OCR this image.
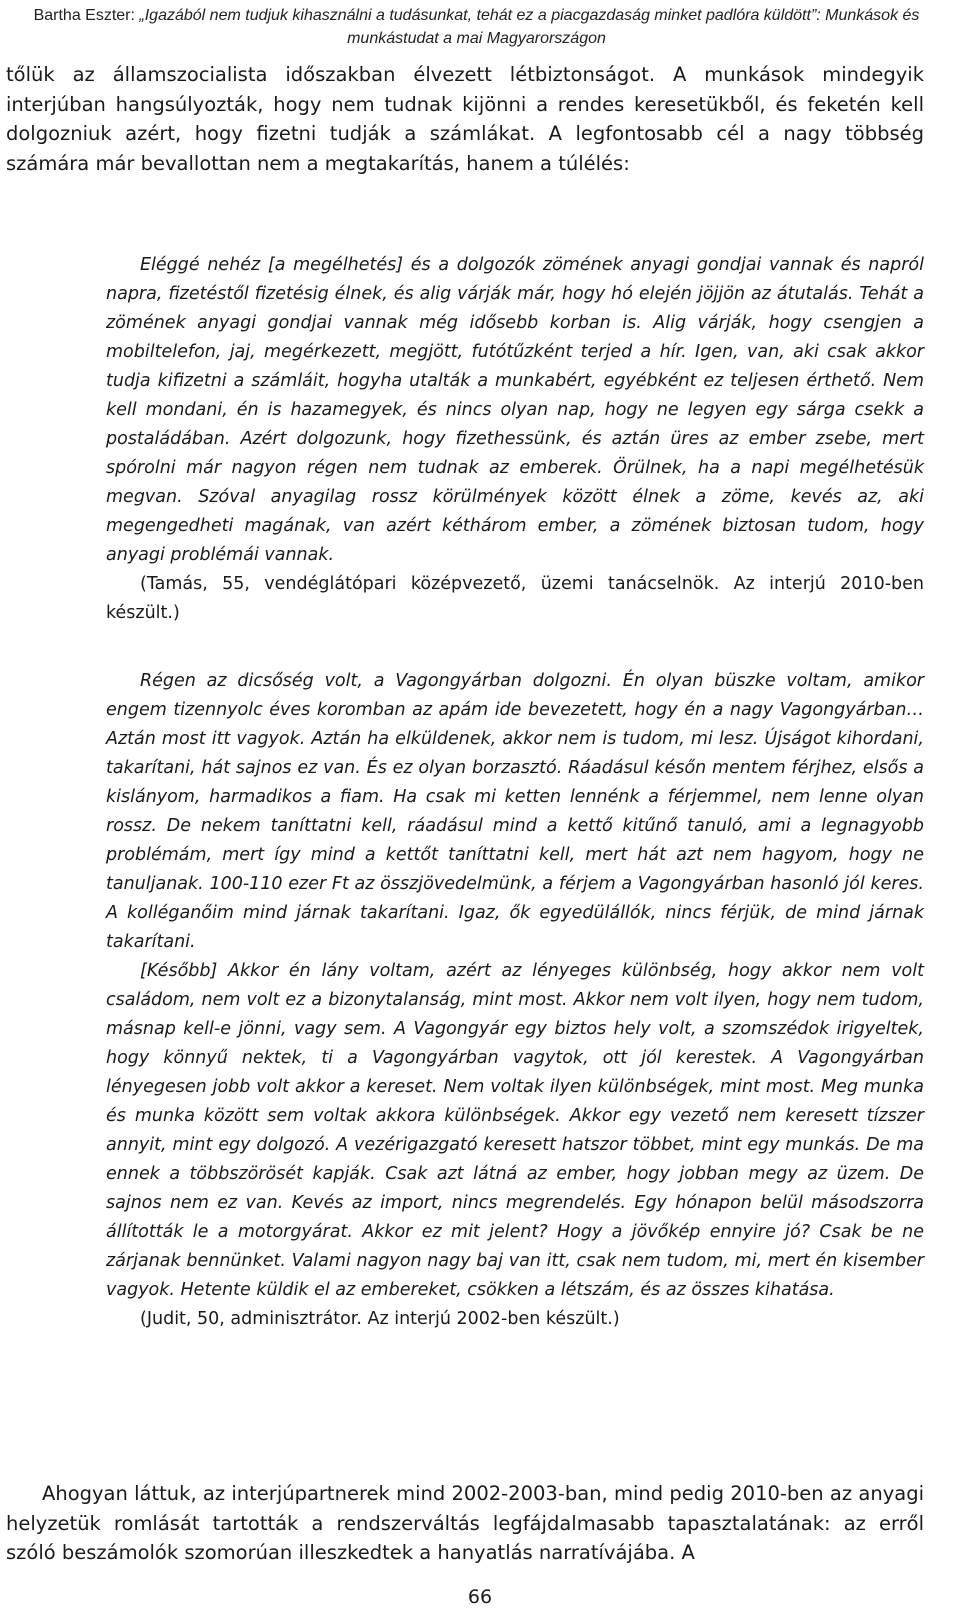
Bartha Eszter: „Igazából nem tudjuk kihasználni a tudásunkat, tehát ez a piacgazdaság minket padlóra küldött”: Munkások és munkástudat a mai Magyarországon

tőlük az államszocialista időszakban élvezett létbiztonságot. A munkások mindegyik interjúban hangsúlyozták, hogy nem tudnak kijönni a rendes keresetükből, és feketén kell dolgozniuk azért, hogy fizetni tudják a számlákat. A legfontosabb cél a nagy többség számára már bevallottan nem a megtakarítás, hanem a túlélés:

Eléggé nehéz [a megélhetés] és a dolgozók zömének anyagi gondjai vannak és napról napra, fizetéstől fizetésig élnek, és alig várják már, hogy hó elején jöjjön az átutalás. Tehát a zömének anyagi gondjai vannak még idősebb korban is. Alig várják, hogy csengjen a mobiltelefon, jaj, megérkezett, megjött, futótűzként terjed a hír. Igen, van, aki csak akkor tudja kifizetni a számláit, hogyha utalták a munkabért, egyébként ez teljesen érthető. Nem kell mondani, én is hazamegyek, és nincs olyan nap, hogy ne legyen egy sárga csekk a postaládában. Azért dolgozunk, hogy fizethessünk, és aztán üres az ember zsebe, mert spórolni már nagyon régen nem tudnak az emberek. Örülnek, ha a napi megélhetésük megvan. Szóval anyagilag rossz körülmények között élnek a zöme, kevés az, aki megengedheti magának, van azért kéthárom ember, a zömének biztosan tudom, hogy anyagi problémái vannak.

(Tamás, 55, vendéglátópari középvezető, üzemi tanácselnök. Az interjú 2010-ben készült.)

Régen az dicsőség volt, a Vagongyárban dolgozni. Én olyan büszke voltam, amikor engem tizennyolc éves koromban az apám ide bevezetett, hogy én a nagy Vagongyárban… Aztán most itt vagyok. Aztán ha elküldenek, akkor nem is tudom, mi lesz. Újságot kihordani, takarítani, hát sajnos ez van. És ez olyan borzasztó. Ráadásul későn mentem férjhez, elsős a kislányom, harmadikos a fiam. Ha csak mi ketten lennénk a férjemmel, nem lenne olyan rossz. De nekem taníttatni kell, ráadásul mind a kettő kitűnő tanuló, ami a legnagyobb problémám, mert így mind a kettőt taníttatni kell, mert hát azt nem hagyom, hogy ne tanuljanak. 100-110 ezer Ft az összjövedelmünk, a férjem a Vagongyárban hasonló jól keres. A kolléganőim mind járnak takarítani. Igaz, ők egyedülállók, nincs férjük, de mind járnak takarítani.

[Később] Akkor én lány voltam, azért az lényeges különbség, hogy akkor nem volt családom, nem volt ez a bizonytalanság, mint most. Akkor nem volt ilyen, hogy nem tudom, másnap kell-e jönni, vagy sem. A Vagongyár egy biztos hely volt, a szomszédok irigyeltek, hogy könnyű nektek, ti a Vagongyárban vagytok, ott jól kerestek. A Vagongyárban lényegesen jobb volt akkor a kereset. Nem voltak ilyen különbségek, mint most. Meg munka és munka között sem voltak akkora különbségek. Akkor egy vezető nem keresett tízszer annyit, mint egy dolgozó. A vezérigazgató keresett hatszor többet, mint egy munkás. De ma ennek a többszörösét kapják. Csak azt látná az ember, hogy jobban megy az üzem. De sajnos nem ez van. Kevés az import, nincs megrendelés. Egy hónapon belül másodszorra állították le a motorgyárat. Akkor ez mit jelent? Hogy a jövőkép ennyire jó? Csak be ne zárjanak bennünket. Valami nagyon nagy baj van itt, csak nem tudom, mi, mert én kisember vagyok. Hetente küldik el az embereket, csökken a létszám, és az összes kihatása.

(Judit, 50, adminisztrátor. Az interjú 2002-ben készült.)

Ahogyan láttuk, az interjúpartnerek mind 2002-2003-ban, mind pedig 2010-ben az anyagi helyzetük romlását tartották a rendszerváltás legfájdalmasabb tapasztalatának: az erről szóló beszámolók szomorúan illeszkedtek a hanyatlás narratívájába. A

66
